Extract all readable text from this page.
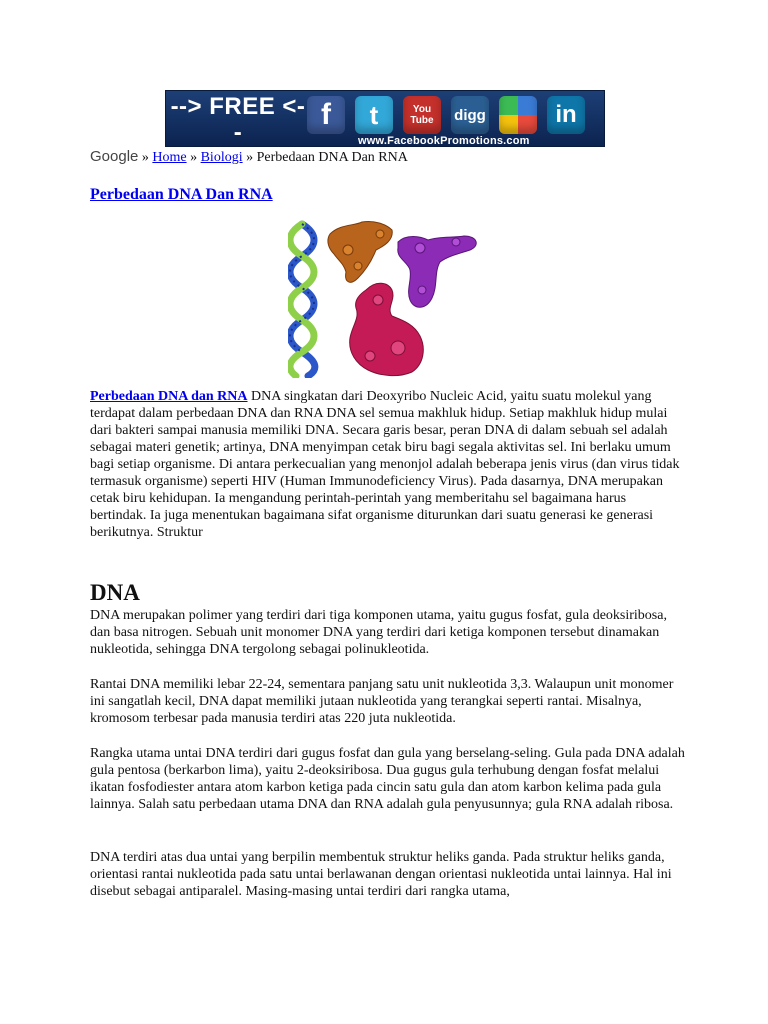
--> FREE <--
f	t	You Tube	digg	in
www.FacebookPromotions.com
Google » Home » Biologi » Perbedaan DNA Dan RNA
Perbedaan DNA Dan RNA

Perbedaan DNA dan RNA DNA singkatan dari Deoxyribo Nucleic Acid, yaitu suatu molekul yang terdapat dalam perbedaan DNA dan RNA DNA sel semua makhluk hidup. Setiap makhluk hidup mulai dari bakteri sampai manusia memiliki DNA. Secara garis besar, peran DNA di dalam sebuah sel adalah sebagai materi genetik; artinya, DNA menyimpan cetak biru bagi segala aktivitas sel. Ini berlaku umum bagi setiap organisme. Di antara perkecualian yang menonjol adalah beberapa jenis virus (dan virus tidak termasuk organisme) seperti HIV (Human Immunodeficiency Virus). Pada dasarnya, DNA merupakan cetak biru kehidupan. Ia mengandung perintah-perintah yang memberitahu sel bagaimana harus bertindak. Ia juga menentukan bagaimana sifat organisme diturunkan dari suatu generasi ke generasi berikutnya. Struktur

DNA

DNA merupakan polimer yang terdiri dari tiga komponen utama, yaitu gugus fosfat, gula deoksiribosa, dan basa nitrogen. Sebuah unit monomer DNA yang terdiri dari ketiga komponen tersebut dinamakan nukleotida, sehingga DNA tergolong sebagai polinukleotida.

Rantai DNA memiliki lebar 22-24, sementara panjang satu unit nukleotida 3,3. Walaupun unit monomer ini sangatlah kecil, DNA dapat memiliki jutaan nukleotida yang terangkai seperti rantai. Misalnya, kromosom terbesar pada manusia terdiri atas 220 juta nukleotida.

Rangka utama untai DNA terdiri dari gugus fosfat dan gula yang berselang-seling. Gula pada DNA adalah gula pentosa (berkarbon lima), yaitu 2-deoksiribosa. Dua gugus gula terhubung dengan fosfat melalui ikatan fosfodiester antara atom karbon ketiga pada cincin satu gula dan atom karbon kelima pada gula lainnya. Salah satu perbedaan utama DNA dan RNA adalah gula penyusunnya; gula RNA adalah ribosa.

DNA terdiri atas dua untai yang berpilin membentuk struktur heliks ganda. Pada struktur heliks ganda, orientasi rantai nukleotida pada satu untai berlawanan dengan orientasi nukleotida untai lainnya. Hal ini disebut sebagai antiparalel. Masing-masing untai terdiri dari rangka utama,
